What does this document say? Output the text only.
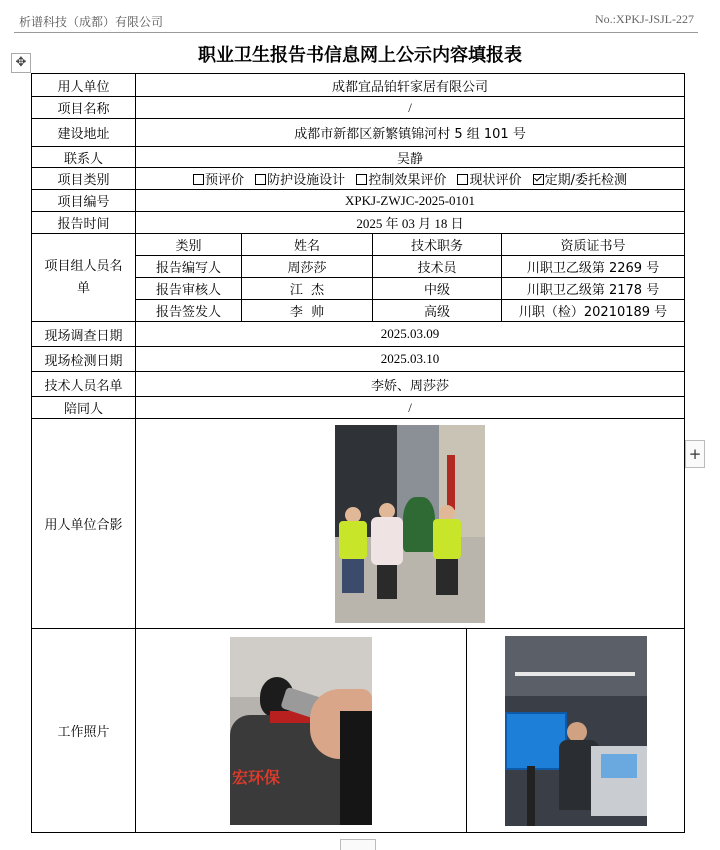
析谱科技（成都）有限公司	No.:XPKJ-JSJL-227
职业卫生报告书信息网上公示内容填报表
✥
+
用人单位	成都宜品铂轩家居有限公司				
项目名称	/				
建设地址	成都市新都区新繁镇锦河村 5 组 101 号				
联系人	吴静				
项目类别	预评价 防护设施设计 控制效果评价 现状评价 定期/委托检测				
项目编号	XPKJ-ZWJC-2025-0101				
报告时间	2025 年 03 月 18 日				
项目组人员名单	类别	姓名	技术职务		资质证书号
	报告编写人	周莎莎	技术员		川职卫乙级第 2269 号
	报告审核人	江  杰	中级		川职卫乙级第 2178 号
	报告签发人	李  帅	高级		川职（检）20210189 号
现场调查日期	2025.03.09				
现场检测日期	2025.03.10				
技术人员名单	李娇、周莎莎				
陪同人	/				
用人单位合影					

工作照片	宏环保				
